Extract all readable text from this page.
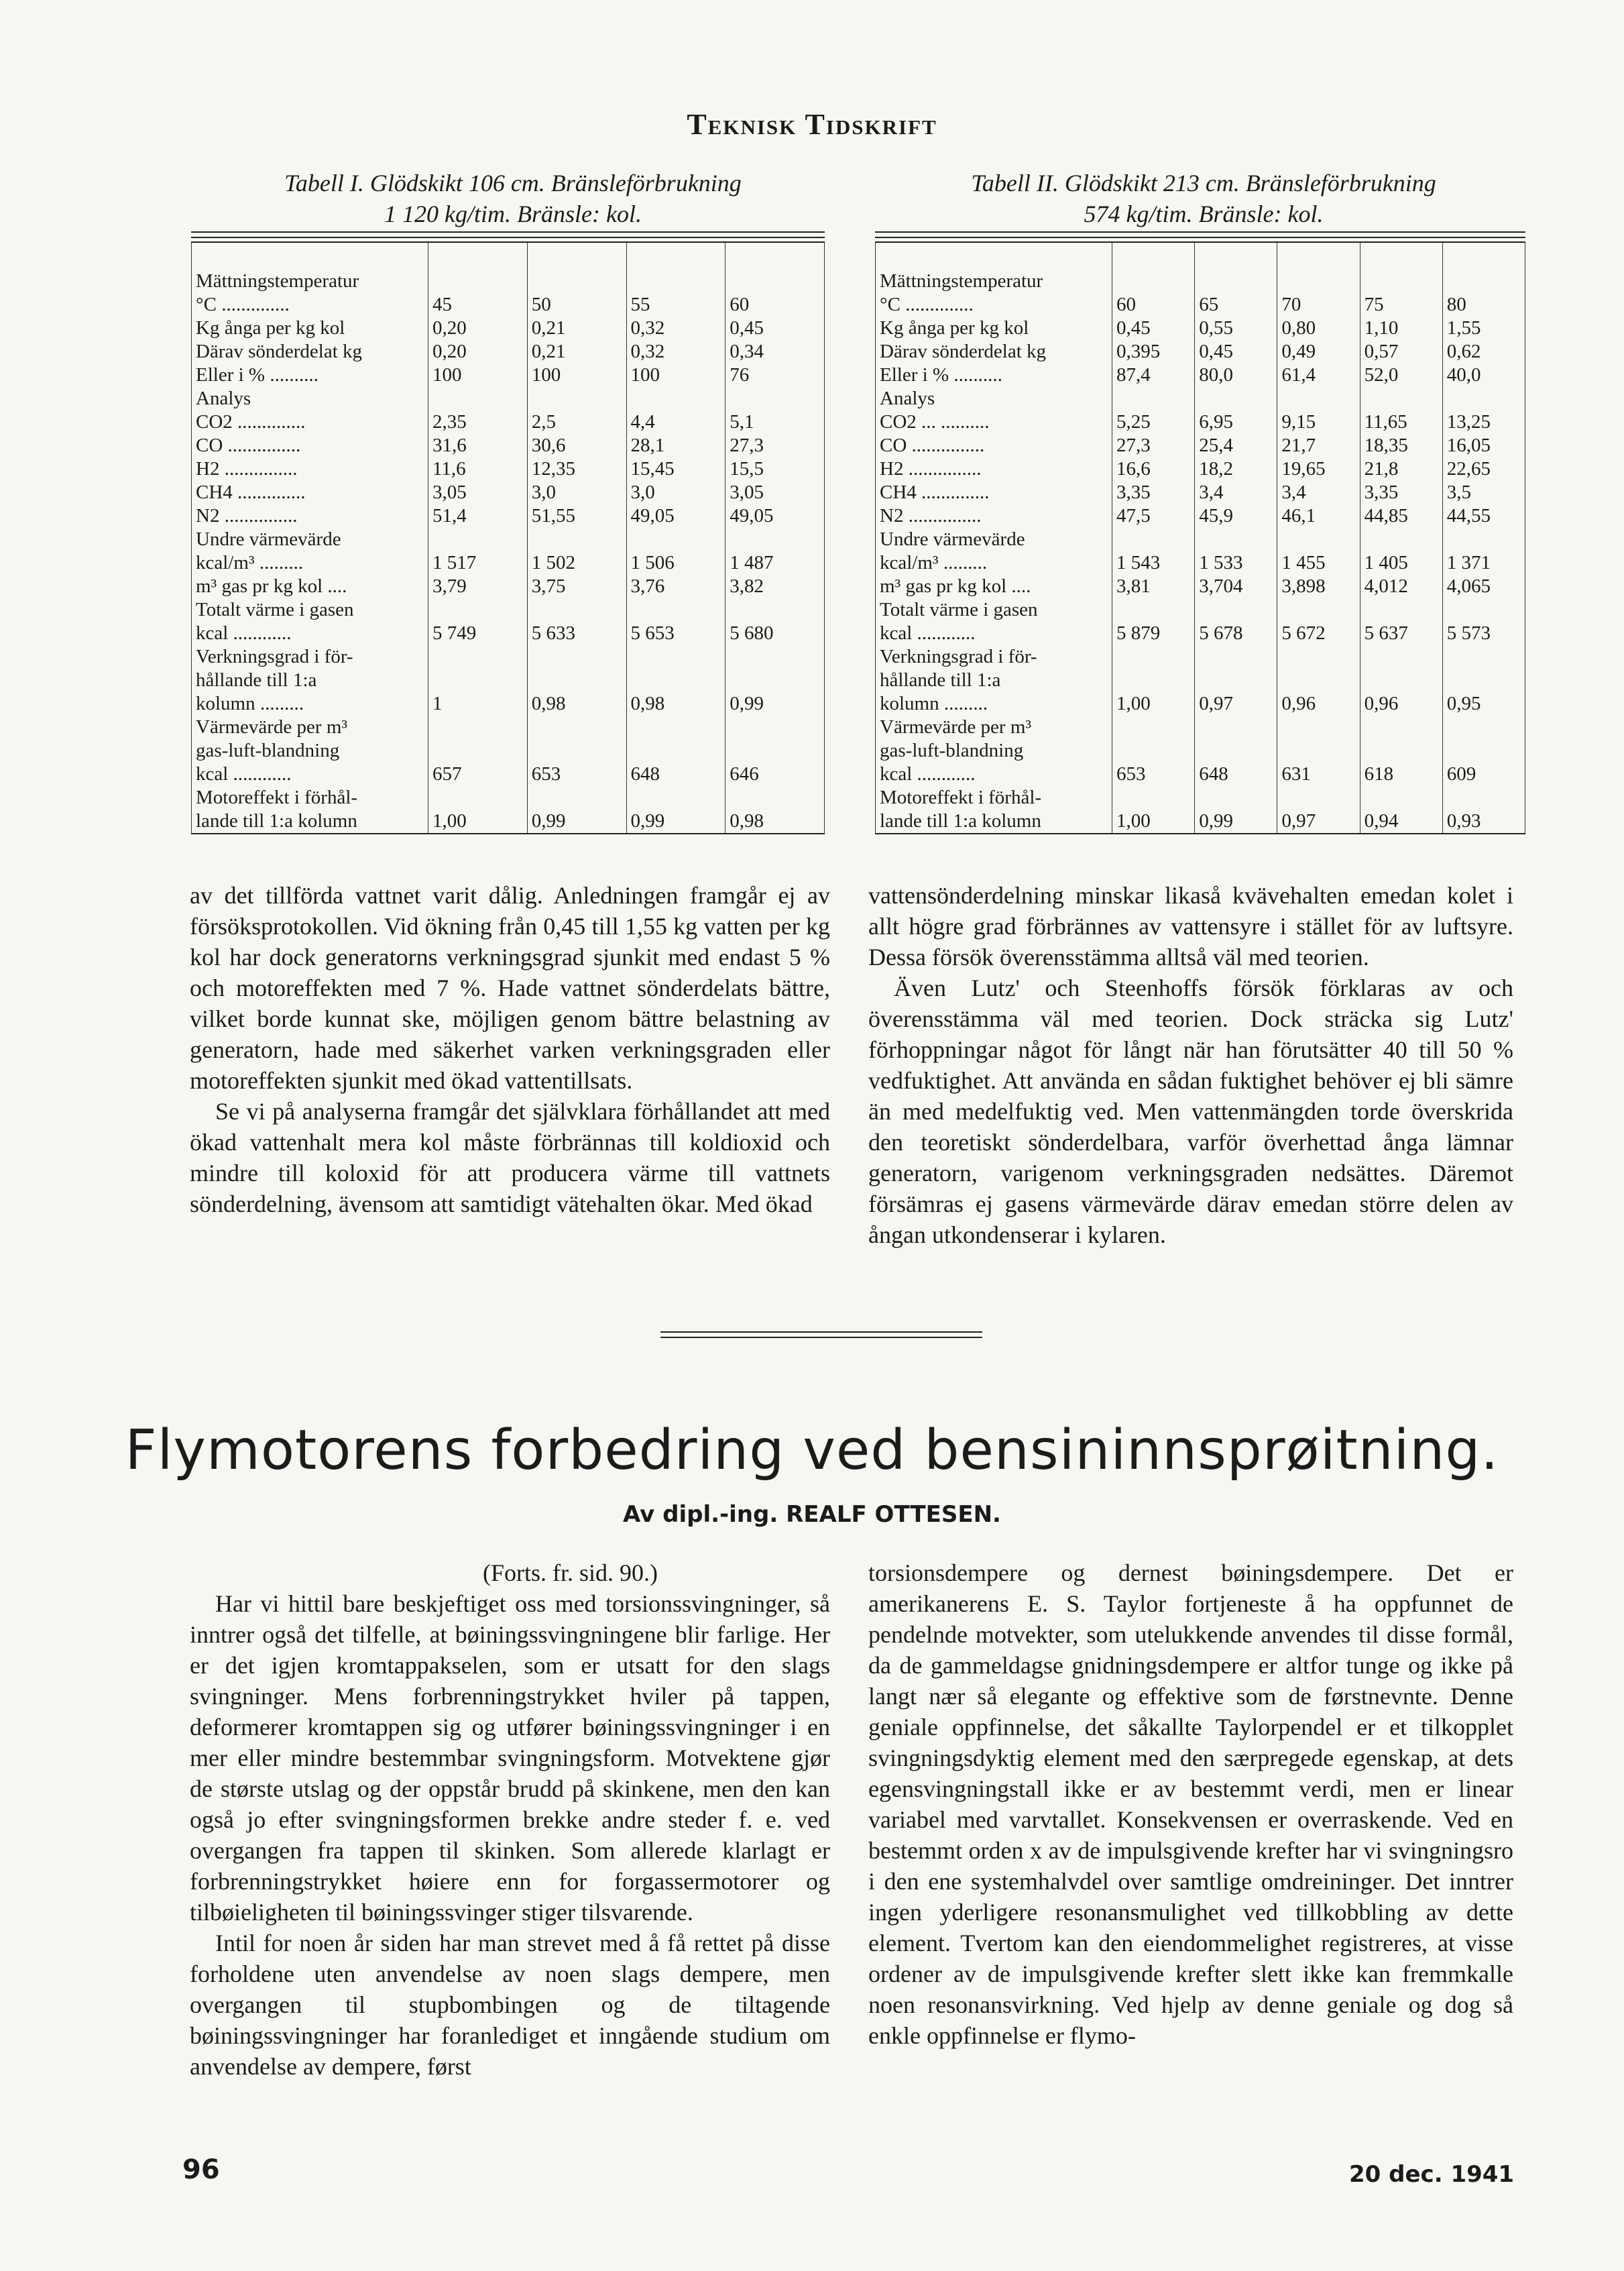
Teknisk Tidskrift
Tabell I. Glödskikt 106 cm. Bränsleförbrukning
1 120 kg/tim. Bränsle: kol.
Tabell II. Glödskikt 213 cm. Bränsleförbrukning
574 kg/tim. Bränsle: kol.
Mättningstemperatur				
°C ..............	45	50	55	60
Kg ånga per kg kol	0,20	0,21	0,32	0,45
Därav sönderdelat kg	0,20	0,21	0,32	0,34
Eller i % ..........	100	100	100	76
Analys				
CO2 ..............	2,35	2,5	4,4	5,1
CO ...............	31,6	30,6	28,1	27,3
H2 ...............	11,6	12,35	15,45	15,5
CH4 ..............	3,05	3,0	3,0	3,05
N2 ...............	51,4	51,55	49,05	49,05
Undre värmevärde				
kcal/m³ .........	1 517	1 502	1 506	1 487
m³ gas pr kg kol ....	3,79	3,75	3,76	3,82
Totalt värme i gasen				
kcal ............	5 749	5 633	5 653	5 680
Verkningsgrad i för-				
hållande till 1:a				
kolumn .........	1	0,98	0,98	0,99
Värmevärde per m³				
gas-luft-blandning				
kcal ............	657	653	648	646
Motoreffekt i förhål-				
lande till 1:a kolumn	1,00	0,99	0,99	0,98
Mättningstemperatur					
°C ..............	60	65	70	75	80
Kg ånga per kg kol	0,45	0,55	0,80	1,10	1,55
Därav sönderdelat kg	0,395	0,45	0,49	0,57	0,62
Eller i % ..........	87,4	80,0	61,4	52,0	40,0
Analys					
CO2 ... ..........	5,25	6,95	9,15	11,65	13,25
CO ...............	27,3	25,4	21,7	18,35	16,05
H2 ...............	16,6	18,2	19,65	21,8	22,65
CH4 ..............	3,35	3,4	3,4	3,35	3,5
N2 ...............	47,5	45,9	46,1	44,85	44,55
Undre värmevärde					
kcal/m³ .........	1 543	1 533	1 455	1 405	1 371
m³ gas pr kg kol ....	3,81	3,704	3,898	4,012	4,065
Totalt värme i gasen					
kcal ............	5 879	5 678	5 672	5 637	5 573
Verkningsgrad i för-					
hållande till 1:a					
kolumn .........	1,00	0,97	0,96	0,96	0,95
Värmevärde per m³					
gas-luft-blandning					
kcal ............	653	648	631	618	609
Motoreffekt i förhål-					
lande till 1:a kolumn	1,00	0,99	0,97	0,94	0,93

av det tillförda vattnet varit dålig. Anledningen framgår ej av försöksprotokollen. Vid ökning från 0,45 till 1,55 kg vatten per kg kol har dock generatorns verkningsgrad sjunkit med endast 5 % och motoreffekten med 7 %. Hade vattnet sönderdelats bättre, vilket borde kunnat ske, möjligen genom bättre belastning av generatorn, hade med säkerhet varken verkningsgraden eller motoreffekten sjunkit med ökad vattentillsats.

Se vi på analyserna framgår det självklara förhållandet att med ökad vattenhalt mera kol måste förbrännas till koldioxid och mindre till koloxid för att producera värme till vattnets sönderdelning, ävensom att samtidigt vätehalten ökar. Med ökad

vattensönderdelning minskar likaså kvävehalten emedan kolet i allt högre grad förbrännes av vattensyre i stället för av luftsyre. Dessa försök överensstämma alltså väl med teorien.

Även Lutz' och Steenhoffs försök förklaras av och överensstämma väl med teorien. Dock sträcka sig Lutz' förhoppningar något för långt när han förutsätter 40 till 50 % vedfuktighet. Att använda en sådan fuktighet behöver ej bli sämre än med medelfuktig ved. Men vattenmängden torde överskrida den teoretiskt sönderdelbara, varför överhettad ånga lämnar generatorn, varigenom verkningsgraden nedsättes. Däremot försämras ej gasens värmevärde därav emedan större delen av ångan utkondenserar i kylaren.

Flymotorens forbedring ved bensininnsprøitning.
Av dipl.-ing. REALF OTTESEN.
(Forts. fr. sid. 90.)

Har vi hittil bare beskjeftiget oss med torsionssvingninger, så inntrer også det tilfelle, at bøiningssvingningene blir farlige. Her er det igjen kromtappakselen, som er utsatt for den slags svingninger. Mens forbrenningstrykket hviler på tappen, deformerer kromtappen sig og utfører bøiningssvingninger i en mer eller mindre bestemmbar svingningsform. Motvektene gjør de største utslag og der oppstår brudd på skinkene, men den kan også jo efter svingningsformen brekke andre steder f. e. ved overgangen fra tappen til skinken. Som allerede klarlagt er forbrenningstrykket høiere enn for forgassermotorer og tilbøieligheten til bøiningssvinger stiger tilsvarende.

Intil for noen år siden har man strevet med å få rettet på disse forholdene uten anvendelse av noen slags dempere, men overgangen til stupbombingen og de tiltagende bøiningssvingninger har foranlediget et inngående studium om anvendelse av dempere, først

torsionsdempere og dernest bøiningsdempere. Det er amerikanerens E. S. Taylor fortjeneste å ha oppfunnet de pendelnde motvekter, som utelukkende anvendes til disse formål, da de gammeldagse gnidningsdempere er altfor tunge og ikke på langt nær så elegante og effektive som de førstnevnte. Denne geniale oppfinnelse, det såkallte Taylorpendel er et tilkopplet svingningsdyktig element med den særpregede egenskap, at dets egensvingningstall ikke er av bestemmt verdi, men er linear variabel med varvtallet. Konsekvensen er overraskende. Ved en bestemmt orden x av de impulsgivende krefter har vi svingningsro i den ene systemhalvdel over samtlige omdreininger. Det inntrer ingen yderligere resonansmulighet ved tillkobbling av dette element. Tvertom kan den eiendommelighet registreres, at visse ordener av de impulsgivende krefter slett ikke kan fremmkalle noen resonansvirkning. Ved hjelp av denne geniale og dog så enkle oppfinnelse er flymo-

96	20 dec. 1941
